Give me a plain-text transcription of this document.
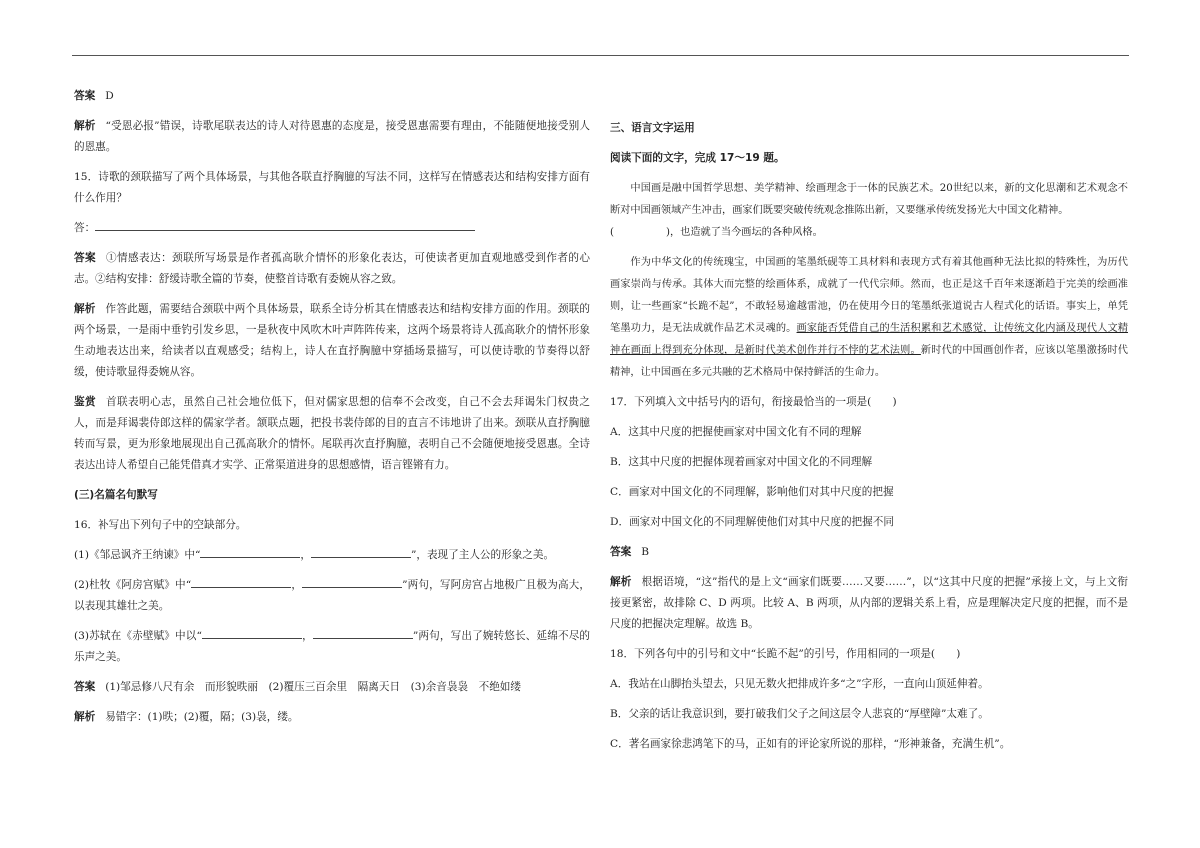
答案 D

解析 “受恩必报”错误，诗歌尾联表达的诗人对待恩惠的态度是，接受恩惠需要有理由，不能随便地接受别人的恩惠。

15．诗歌的颈联描写了两个具体场景，与其他各联直抒胸臆的写法不同，这样写在情感表达和结构安排方面有什么作用？

答：

答案 ①情感表达：颈联所写场景是作者孤高耿介情怀的形象化表达，可使读者更加直观地感受到作者的心志。②结构安排：舒缓诗歌全篇的节奏，使整首诗歌有委婉从容之致。

解析 作答此题，需要结合颈联中两个具体场景，联系全诗分析其在情感表达和结构安排方面的作用。颈联的两个场景，一是雨中垂钓引发乡思，一是秋夜中风吹木叶声阵阵传来，这两个场景将诗人孤高耿介的情怀形象生动地表达出来，给读者以直观感受；结构上，诗人在直抒胸臆中穿插场景描写，可以使诗歌的节奏得以舒缓，使诗歌显得委婉从容。

鉴赏 首联表明心志，虽然自己社会地位低下，但对儒家思想的信奉不会改变，自己不会去拜谒朱门权贵之人，而是拜谒裴侍郎这样的儒家学者。颔联点题，把投书裴侍郎的目的直言不讳地讲了出来。颈联从直抒胸臆转而写景，更为形象地展现出自己孤高耿介的情怀。尾联再次直抒胸臆，表明自己不会随便地接受恩惠。全诗表达出诗人希望自己能凭借真才实学、正常渠道进身的思想感情，语言铿锵有力。

(三)名篇名句默写

16．补写出下列句子中的空缺部分。

(1)《邹忌讽齐王纳谏》中“	，	”，表现了主人公的形象之美。

(2)杜牧《阿房宫赋》中“	，	”两句，写阿房宫占地极广且极为高大，以表现其雄壮之美。

(3)苏轼在《赤壁赋》中以“	，	”两句，写出了婉转悠长、延绵不尽的乐声之美。

答案 (1)邹忌修八尺有余　而形貌昳丽　(2)覆压三百余里　隔离天日　(3)余音袅袅　不绝如缕

解析 易错字：(1)昳；(2)覆，隔；(3)袅，缕。

三、语言文字运用

阅读下面的文字，完成 17～19 题。

中国画是融中国哲学思想、美学精神、绘画理念于一体的民族艺术。20世纪以来，新的文化思潮和艺术观念不断对中国画领域产生冲击，画家们既要突破传统观念推陈出新，又要继承传统发扬光大中国文化精神。
(	)，也造就了当今画坛的各种风格。

作为中华文化的传统瑰宝，中国画的笔墨纸砚等工具材料和表现方式有着其他画种无法比拟的特殊性，为历代画家崇尚与传承。其体大而完整的绘画体系，成就了一代代宗师。然而，也正是这千百年来逐渐趋于完美的绘画准则，让一些画家“长跪不起”，不敢轻易逾越雷池，仍在使用今日的笔墨纸张道说古人程式化的话语。事实上，单凭笔墨功力，是无法成就作品艺术灵魂的。画家能否凭借自己的生活积累和艺术感觉，让传统文化内涵及现代人文精神在画面上得到充分体现，是新时代美术创作并行不悖的艺术法则。新时代的中国画创作者，应该以笔墨激扬时代精神，让中国画在多元共融的艺术格局中保持鲜活的生命力。

17．下列填入文中括号内的语句，衔接最恰当的一项是(　　)

A．这其中尺度的把握使画家对中国文化有不同的理解

B．这其中尺度的把握体现着画家对中国文化的不同理解

C．画家对中国文化的不同理解，影响他们对其中尺度的把握

D．画家对中国文化的不同理解使他们对其中尺度的把握不同

答案 B

解析 根据语境，“这”指代的是上文“画家们既要……又要……”，以“这其中尺度的把握”承接上文，与上文衔接更紧密，故排除 C、D 两项。比较 A、B 两项，从内部的逻辑关系上看，应是理解决定尺度的把握，而不是尺度的把握决定理解。故选 B。

18．下列各句中的引号和文中“长跪不起”的引号，作用相同的一项是(　　)

A．我站在山脚抬头望去，只见无数火把排成许多“之”字形，一直向山顶延伸着。

B．父亲的话让我意识到，要打破我们父子之间这层令人悲哀的“厚壁障”太难了。

C．著名画家徐悲鸿笔下的马，正如有的评论家所说的那样，“形神兼备，充满生机”。
